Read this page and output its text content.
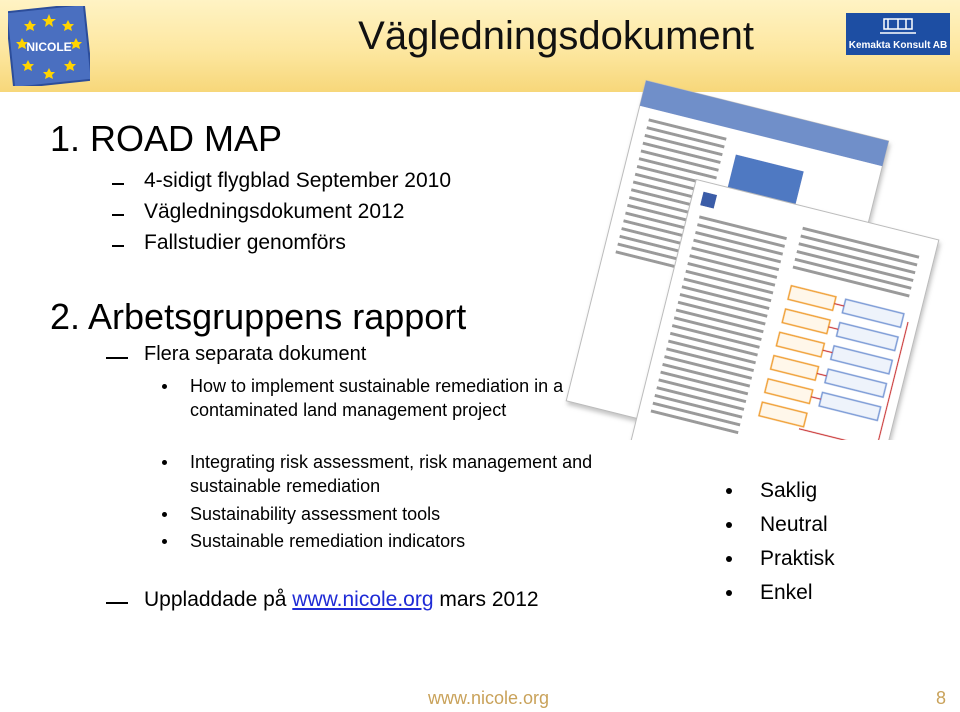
NICOLE	Vägledningsdokument	Kemakta Konsult AB
1. ROAD MAP
4-sidigt flygblad September 2010
Vägledningsdokument 2012
Fallstudier genomförs
2. Arbetsgruppens rapport
Flera separata dokument
How to implement sustainable remediation in a contaminated land management project
Integrating risk assessment, risk management and sustainable remediation
Sustainability assessment tools
Sustainable remediation indicators
Uppladdade på www.nicole.org mars 2012
Saklig
Neutral
Praktisk
Enkel
www.nicole.org	8
